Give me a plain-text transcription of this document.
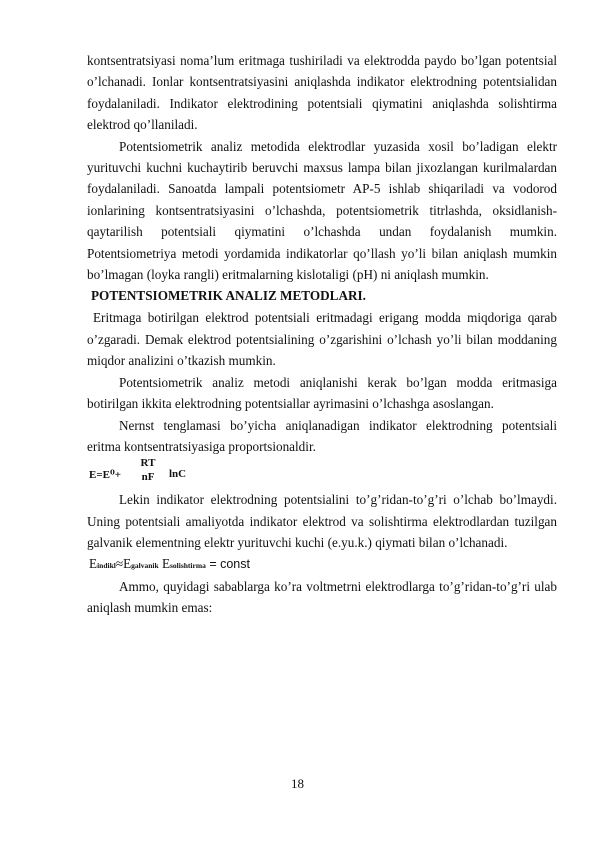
kontsentratsiyasi noma’lum eritmaga tushiriladi va elektrodda paydo bo’lgan potentsial o’lchanadi. Ionlar kontsentratsiyasini aniqlashda indikator elektrodning potentsialidan foydalaniladi. Indikator elektrodining potentsiali qiymatini aniqlashda solishtirma elektrod qo’llaniladi.

Potentsiometrik analiz metodida elektrodlar yuzasida xosil bo’ladigan elektr yurituvchi kuchni kuchaytirib beruvchi maxsus lampa bilan jixozlangan kurilmalardan foydalaniladi. Sanoatda lampali potentsiometr AP-5 ishlab shiqariladi va vodorod ionlarining kontsentratsiyasini o’lchashda, potentsiometrik titrlashda, oksidlanish-qaytarilish potentsiali qiymatini o’lchashda undan foydalanish mumkin. Potentsiometriya metodi yordamida indikatorlar qo’llash yo’li bilan aniqlash mumkin bo’lmagan (loyka rangli) eritmalarning kislotaligi (pH) ni aniqlash mumkin.

POTENTSIOMETRIK ANALIZ METODLARI.

Eritmaga botirilgan elektrod potentsiali eritmadagi erigang modda miqdoriga qarab o’zgaradi. Demak elektrod potentsialining o’zgarishini o’lchash yo’li bilan moddaning miqdor analizini o’tkazish mumkin.

Potentsiometrik analiz metodi aniqlanishi kerak bo’lgan modda eritmasiga botirilgan ikkita elektrodning potentsiallar ayrimasini o’lchashga asoslangan.

Nernst tenglamasi bo’yicha aniqlanadigan indikator elektrodning potentsiali eritma kontsentratsiyasiga proportsionaldir.

E=E⁰+
RT
nF	lnC

Lekin indikator elektrodning potentsialini to’g’ridan-to’g’ri o’lchab bo’lmaydi. Uning potentsiali amaliyotda indikator elektrod va solishtirma elektrodlardan tuzilgan galvanik elementning elektr yurituvchi kuchi (e.yu.k.) qiymati bilan o’lchanadi.

Eindikl≈Egalvanik Esolishtirma = const

Ammo, quyidagi sabablarga ko’ra voltmetrni elektrodlarga to’g’ridan-to’g’ri ulab aniqlash mumkin emas:

18
